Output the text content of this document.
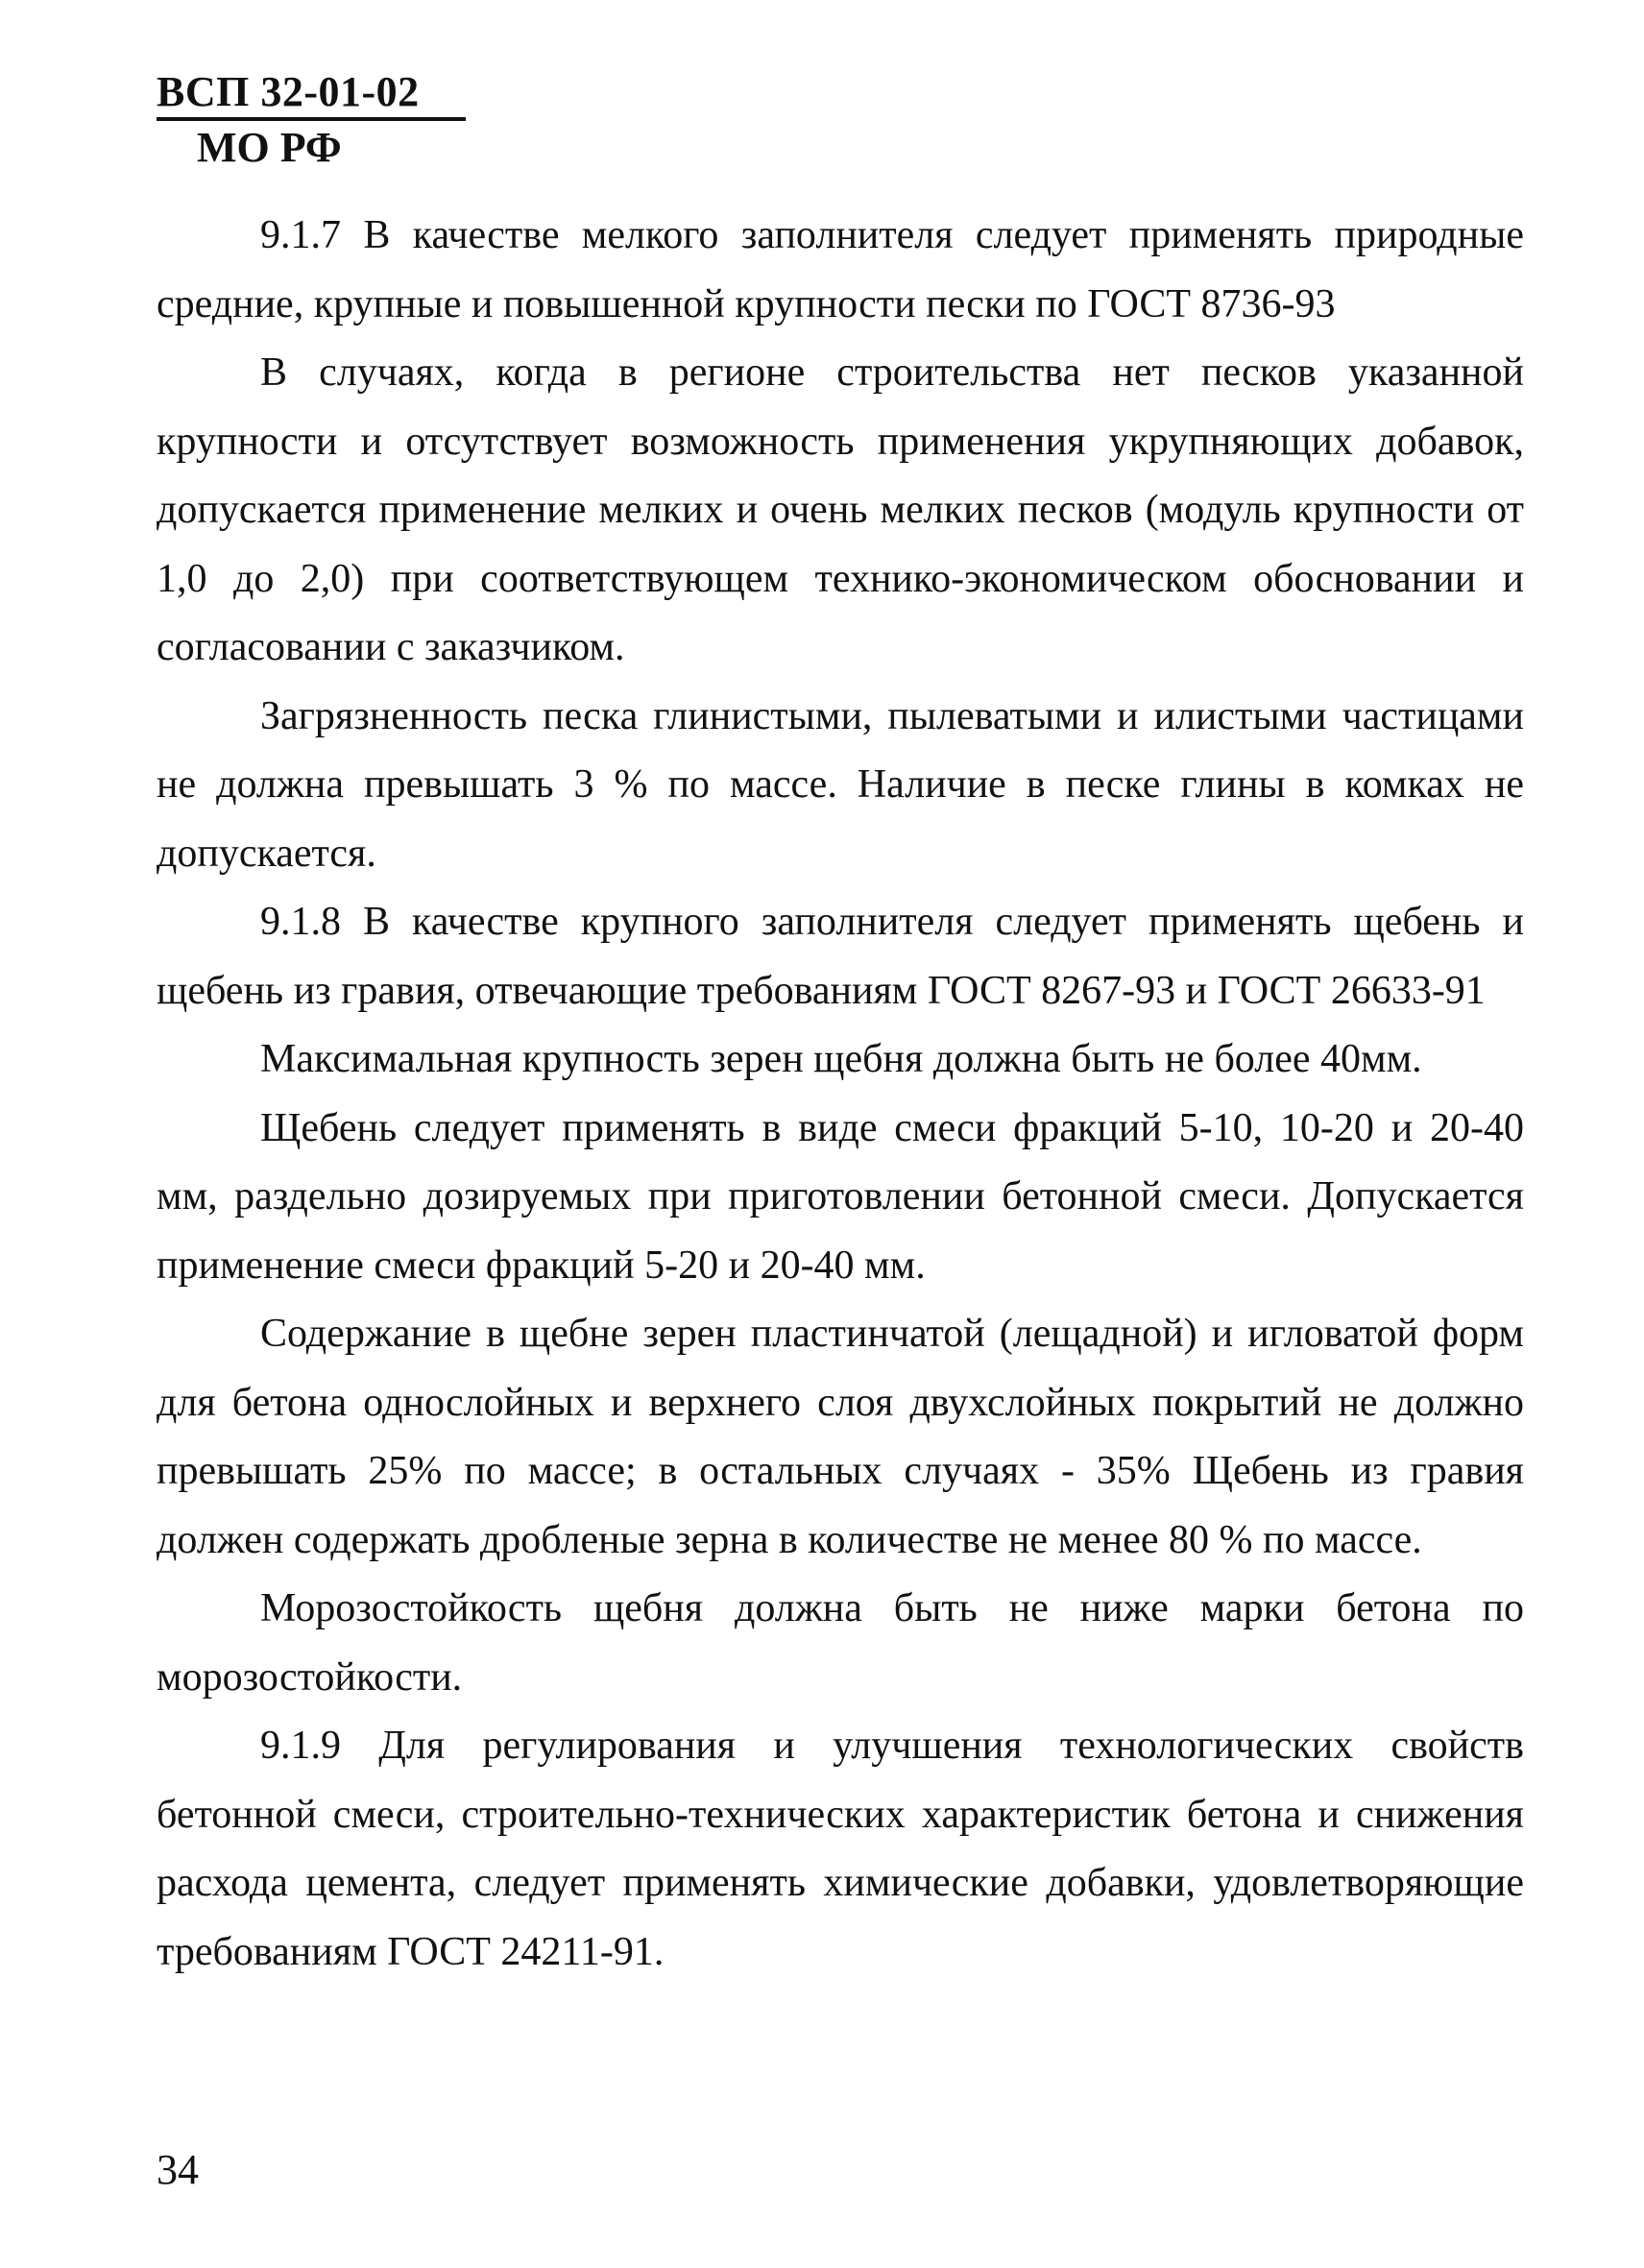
ВСП 32-01-02
МО РФ

9.1.7 В качестве мелкого заполнителя следует применять природные средние, крупные и повышенной крупности пески по ГОСТ 8736-93

В случаях, когда в регионе строительства нет песков указанной крупности и отсутствует возможность применения укрупняющих добавок, допускается применение мелких и очень мелких песков (модуль крупности от 1,0 до 2,0) при соответствующем технико-экономическом обосновании и согласовании с заказчиком.

Загрязненность песка глинистыми, пылеватыми и илистыми частицами не должна превышать 3 % по массе. Наличие в песке глины в комках не допускается.

9.1.8 В качестве крупного заполнителя следует применять щебень и щебень из гравия, отвечающие требованиям ГОСТ 8267-93 и ГОСТ 26633-91

Максимальная крупность зерен щебня должна быть не более 40мм.

Щебень следует применять в виде смеси фракций 5-10, 10-20 и 20-40 мм, раздельно дозируемых при приготовлении бетонной смеси. Допускается применение смеси фракций 5-20 и 20-40 мм.

Содержание в щебне зерен пластинчатой (лещадной) и игловатой форм для бетона однослойных и верхнего слоя двухслойных покрытий не должно превышать 25% по массе; в остальных случаях - 35% Щебень из гравия должен содержать дробленые зерна в количестве не менее 80 % по массе.

Морозостойкость щебня должна быть не ниже марки бетона по морозостойкости.

9.1.9 Для регулирования и улучшения технологических свойств бетонной смеси, строительно-технических характеристик бетона и снижения расхода цемента, следует применять химические добавки, удовлетворяющие требованиям ГОСТ 24211-91.

34
